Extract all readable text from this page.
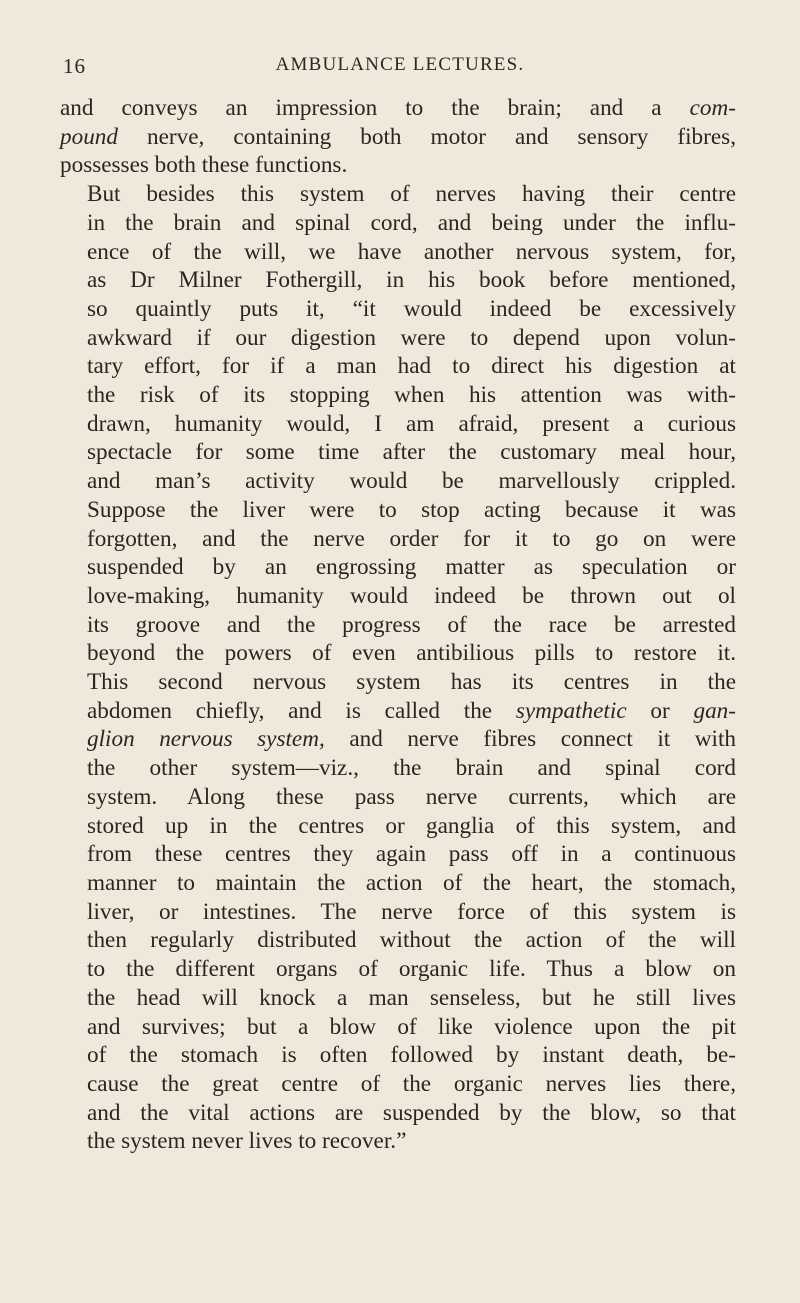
16	AMBULANCE LECTURES.

and conveys an impression to the brain; and a com-
pound nerve, containing both motor and sensory fibres,
possesses both these functions.

But besides this system of nerves having their centre
in the brain and spinal cord, and being under the influ-
ence of the will, we have another nervous system, for,
as Dr Milner Fothergill, in his book before mentioned,
so quaintly puts it, “it would indeed be excessively
awkward if our digestion were to depend upon volun-
tary effort, for if a man had to direct his digestion at
the risk of its stopping when his attention was with-
drawn, humanity would, I am afraid, present a curious
spectacle for some time after the customary meal hour,
and man’s activity would be marvellously crippled.
Suppose the liver were to stop acting because it was
forgotten, and the nerve order for it to go on were
suspended by an engrossing matter as speculation or
love-making, humanity would indeed be thrown out ol
its groove and the progress of the race be arrested
beyond the powers of even antibilious pills to restore it.
This second nervous system has its centres in the
abdomen chiefly, and is called the sympathetic or gan-
glion nervous system, and nerve fibres connect it with
the other system—viz., the brain and spinal cord
system. Along these pass nerve currents, which are
stored up in the centres or ganglia of this system, and
from these centres they again pass off in a continuous
manner to maintain the action of the heart, the stomach,
liver, or intestines. The nerve force of this system is
then regularly distributed without the action of the will
to the different organs of organic life. Thus a blow on
the head will knock a man senseless, but he still lives
and survives; but a blow of like violence upon the pit
of the stomach is often followed by instant death, be-
cause the great centre of the organic nerves lies there,
and the vital actions are suspended by the blow, so that
the system never lives to recover.”
